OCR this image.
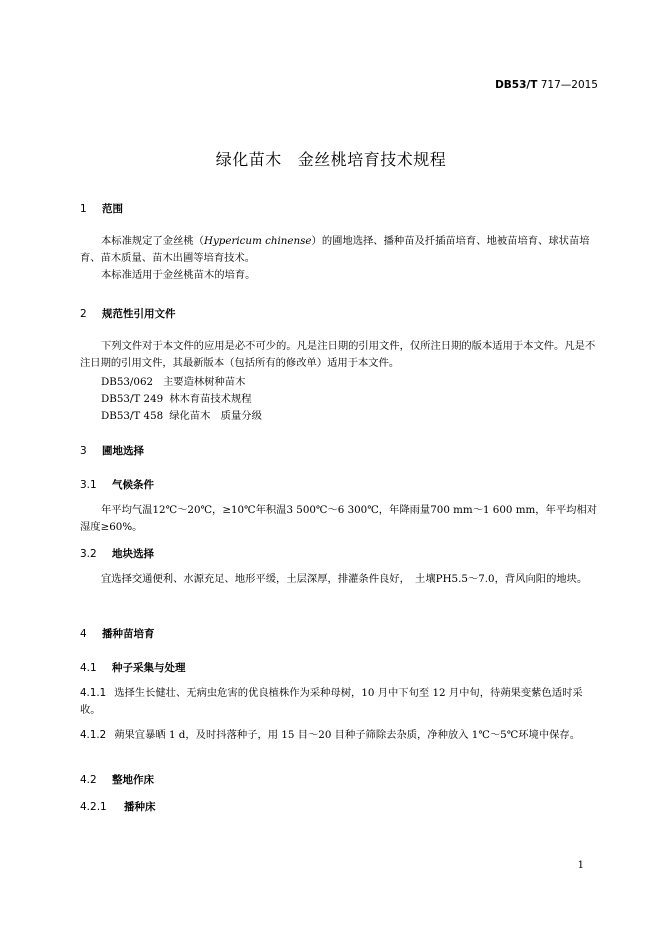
DB53/T 717—2015
绿化苗木 金丝桃培育技术规程
1 范围
本标准规定了金丝桃（Hypericum chinense）的圃地选择、播种苗及扦插苗培育、地被苗培育、球状苗培育、苗木质量、苗木出圃等培育技术。
本标准适用于金丝桃苗木的培育。
2 规范性引用文件
下列文件对于本文件的应用是必不可少的。凡是注日期的引用文件，仅所注日期的版本适用于本文件。凡是不注日期的引用文件，其最新版本（包括所有的修改单）适用于本文件。
DB53/062 主要造林树种苗木
DB53/T 249 林木育苗技术规程
DB53/T 458 绿化苗木　质量分级
3 圃地选择
3.1 气候条件
年平均气温12℃～20℃，≥10℃年积温3 500℃～6 300℃，年降雨量700 mm～1 600 mm，年平均相对湿度≥60%。
3.2 地块选择
宜选择交通便利、水源充足、地形平缓，土层深厚，排灌条件良好，　土壤PH5.5～7.0，背风向阳的地块。
4 播种苗培育
4.1 种子采集与处理
4.1.1 选择生长健壮、无病虫危害的优良植株作为采种母树，10 月中下旬至 12 月中旬，待蒴果变紫色适时采收。
4.1.2 蒴果宜暴晒 1 d，及时抖落种子，用 15 目～20 目种子筛除去杂质，净种放入 1℃～5℃环境中保存。
4.2 整地作床
4.2.1 播种床
1
